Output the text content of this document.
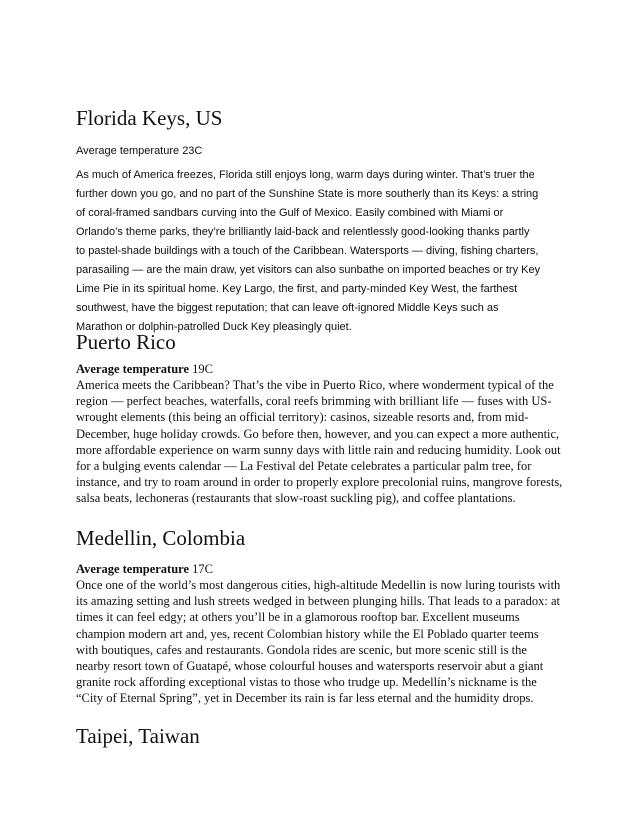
Florida Keys, US

Average temperature 23C

As much of America freezes, Florida still enjoys long, warm days during winter. That’s truer the
further down you go, and no part of the Sunshine State is more southerly than its Keys: a string
of coral-framed sandbars curving into the Gulf of Mexico. Easily combined with Miami or
Orlando’s theme parks, they’re brilliantly laid-back and relentlessly good-looking thanks partly
to pastel-shade buildings with a touch of the Caribbean. Watersports — diving, fishing charters,
parasailing — are the main draw, yet visitors can also sunbathe on imported beaches or try Key
Lime Pie in its spiritual home. Key Largo, the first, and party-minded Key West, the farthest
southwest, have the biggest reputation; that can leave oft-ignored Middle Keys such as
Marathon or dolphin-patrolled Duck Key pleasingly quiet.

Puerto Rico

Average temperature 19C

America meets the Caribbean? That’s the vibe in Puerto Rico, where wonderment typical of the
region — perfect beaches, waterfalls, coral reefs brimming with brilliant life — fuses with US-
wrought elements (this being an official territory): casinos, sizeable resorts and, from mid-
December, huge holiday crowds. Go before then, however, and you can expect a more authentic,
more affordable experience on warm sunny days with little rain and reducing humidity. Look out
for a bulging events calendar — La Festival del Petate celebrates a particular palm tree, for
instance, and try to roam around in order to properly explore precolonial ruins, mangrove forests,
salsa beats, lechoneras (restaurants that slow-roast suckling pig), and coffee plantations.

Medellin, Colombia

Average temperature 17C

Once one of the world’s most dangerous cities, high-altitude Medellin is now luring tourists with
its amazing setting and lush streets wedged in between plunging hills. That leads to a paradox: at
times it can feel edgy; at others you’ll be in a glamorous rooftop bar. Excellent museums
champion modern art and, yes, recent Colombian history while the El Poblado quarter teems
with boutiques, cafes and restaurants. Gondola rides are scenic, but more scenic still is the
nearby resort town of Guatapé, whose colourful houses and watersports reservoir abut a giant
granite rock affording exceptional vistas to those who trudge up. Medellín’s nickname is the
“City of Eternal Spring”, yet in December its rain is far less eternal and the humidity drops.

Taipei, Taiwan
